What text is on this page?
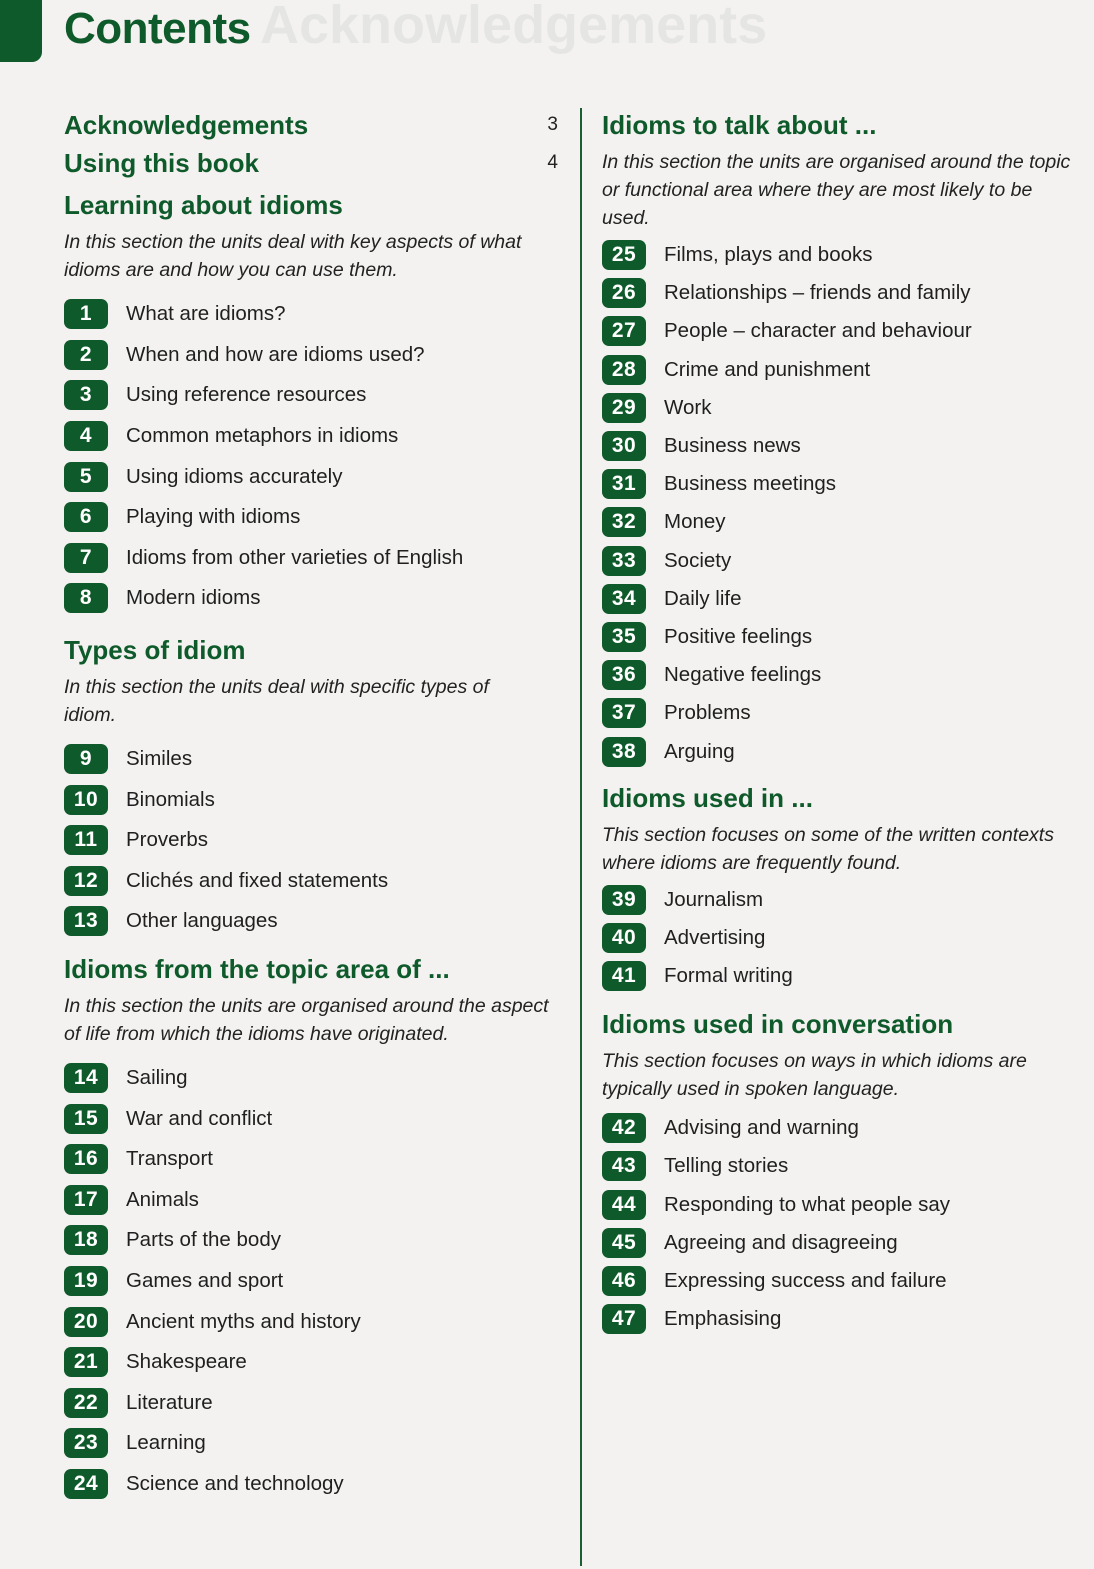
Acknowledgements
Contents
Acknowledgements	3
Using this book	4
Learning about idioms

In this section the units deal with key aspects of what idioms are and how you can use them.

1	What are idioms?
2	When and how are idioms used?
3	Using reference resources
4	Common metaphors in idioms
5	Using idioms accurately
6	Playing with idioms
7	Idioms from other varieties of English
8	Modern idioms
Types of idiom

In this section the units deal with specific types of idiom.

9	Similes
10	Binomials
11	Proverbs
12	Clichés and fixed statements
13	Other languages
Idioms from the topic area of ...

In this section the units are organised around the aspect of life from which the idioms have originated.

14	Sailing
15	War and conflict
16	Transport
17	Animals
18	Parts of the body
19	Games and sport
20	Ancient myths and history
21	Shakespeare
22	Literature
23	Learning
24	Science and technology
Idioms to talk about ...

In this section the units are organised around the topic or functional area where they are most likely to be used.

25	Films, plays and books
26	Relationships – friends and family
27	People – character and behaviour
28	Crime and punishment
29	Work
30	Business news
31	Business meetings
32	Money
33	Society
34	Daily life
35	Positive feelings
36	Negative feelings
37	Problems
38	Arguing
Idioms used in ...

This section focuses on some of the written contexts where idioms are frequently found.

39	Journalism
40	Advertising
41	Formal writing
Idioms used in conversation

This section focuses on ways in which idioms are typically used in spoken language.

42	Advising and warning
43	Telling stories
44	Responding to what people say
45	Agreeing and disagreeing
46	Expressing success and failure
47	Emphasising
